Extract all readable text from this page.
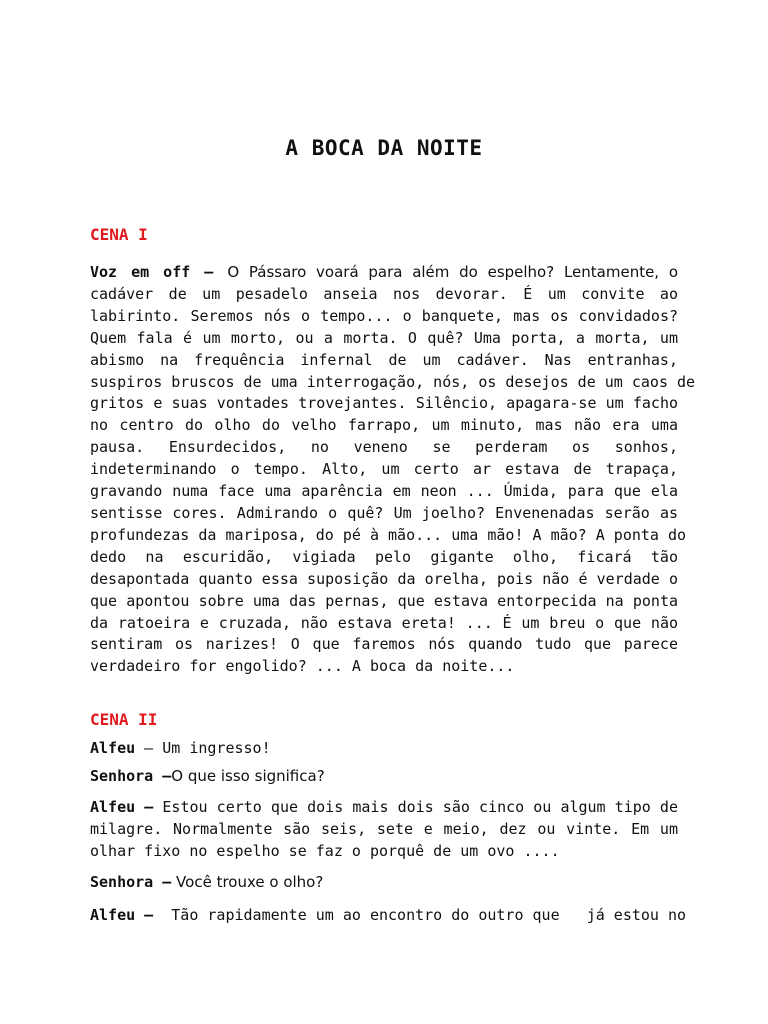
A BOCA DA NOITE
CENA I
Voz em off – O Pássaro voará para além do espelho? Lentamente, o
cadáver de um pesadelo anseia nos devorar. É um convite ao
labirinto. Seremos nós o tempo... o banquete, mas os convidados?
Quem fala é um morto, ou a morta. O quê? Uma porta, a morta, um
abismo na frequência infernal de um cadáver. Nas entranhas,
suspiros bruscos de uma interrogação, nós, os desejos de um caos de
gritos e suas vontades trovejantes. Silêncio, apagara-se um facho
no centro do olho do velho farrapo, um minuto, mas não era uma
pausa. Ensurdecidos, no veneno se perderam os sonhos,
indeterminando o tempo. Alto, um certo ar estava de trapaça,
gravando numa face uma aparência em neon ... Úmida, para que ela
sentisse cores. Admirando o quê? Um joelho? Envenenadas serão as
profundezas da mariposa, do pé à mão... uma mão! A mão? A ponta do
dedo na escuridão, vigiada pelo gigante olho, ficará tão
desapontada quanto essa suposição da orelha, pois não é verdade o
que apontou sobre uma das pernas, que estava entorpecida na ponta
da ratoeira e cruzada, não estava ereta! ... É um breu o que não
sentiram os narizes! O que faremos nós quando tudo que parece
verdadeiro for engolido? ... A boca da noite...
CENA II
Alfeu – Um ingresso!
Senhora –O que isso significa?
Alfeu – Estou certo que dois mais dois são cinco ou algum tipo de
milagre. Normalmente são seis, sete e meio, dez ou vinte. Em um
olhar fixo no espelho se faz o porquê de um ovo ....
Senhora – Você trouxe o olho?
Alfeu –  Tão rapidamente um ao encontro do outro que   já estou no
